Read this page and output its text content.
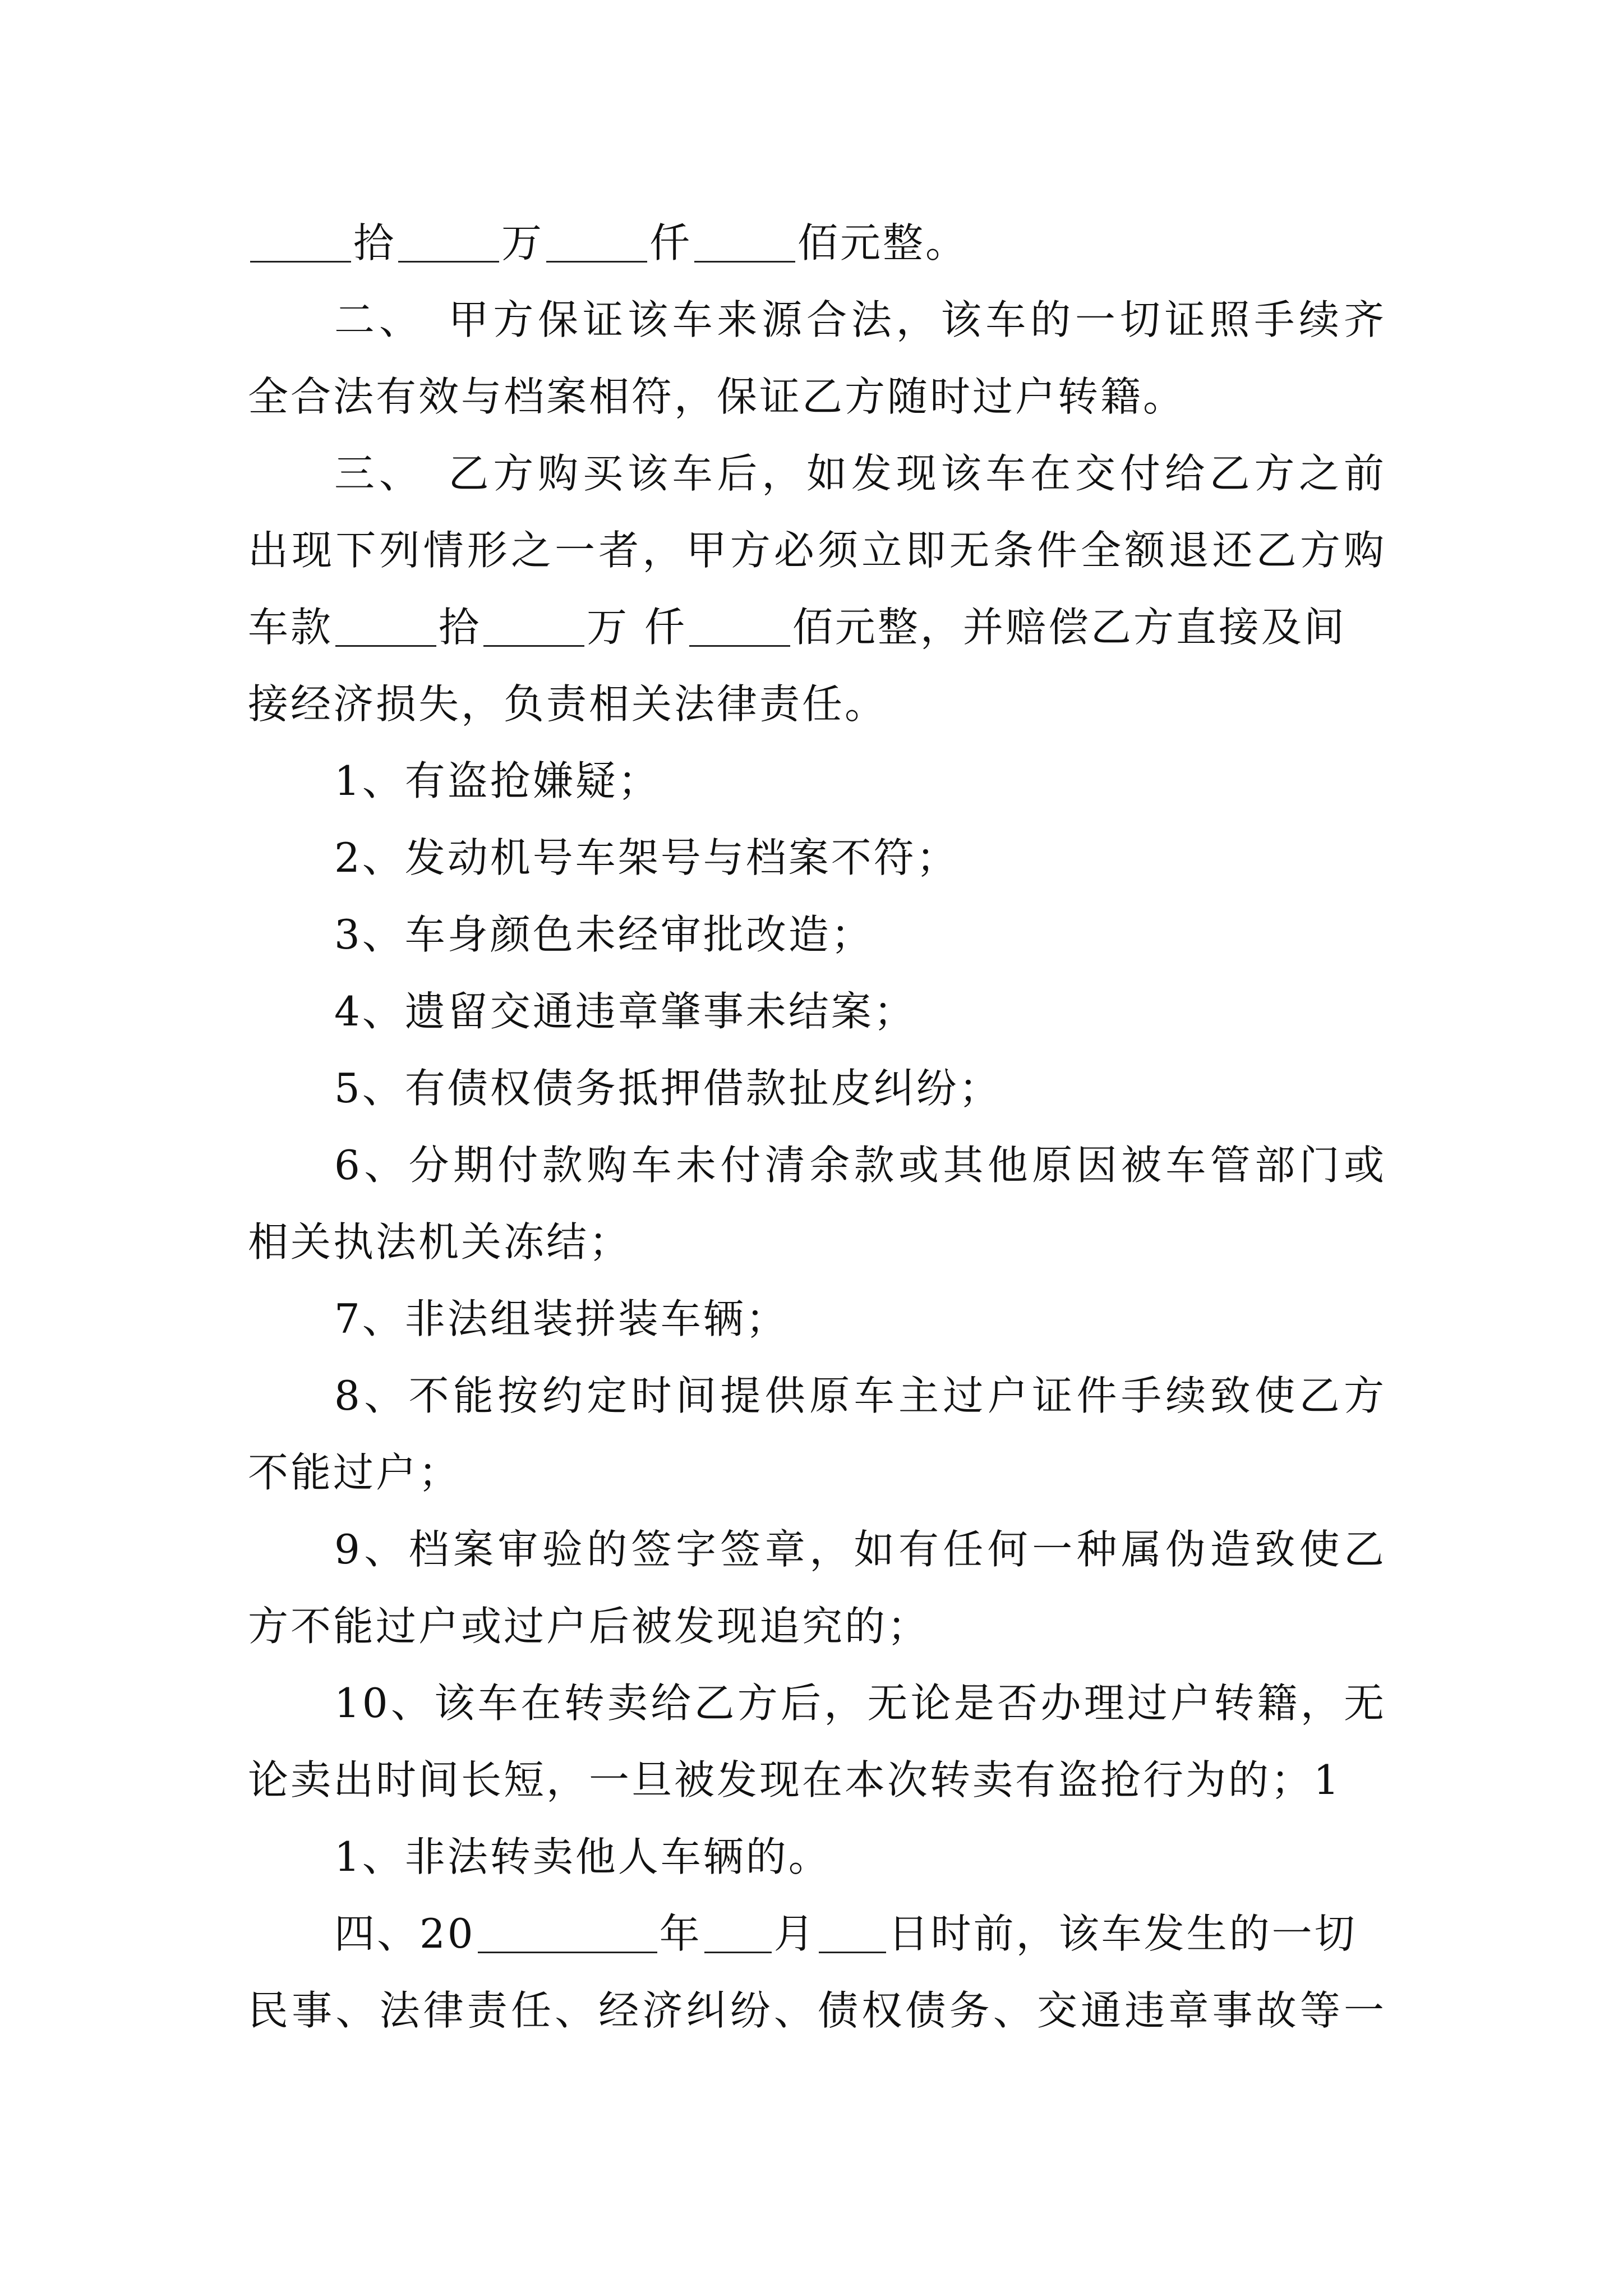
拾	万	仟	佰元整。
二、　甲方保证该车来源合法，该车的一切证照手续齐
全合法有效与档案相符，保证乙方随时过户转籍。
三、　乙方购买该车后，如发现该车在交付给乙方之前
出现下列情形之一者，甲方必须立即无条件全额退还乙方购
车款	拾	万 仟	佰元整，并赔偿乙方直接及间
接经济损失，负责相关法律责任。
1、有盗抢嫌疑；
2、发动机号车架号与档案不符；
3、车身颜色未经审批改造；
4、遗留交通违章肇事未结案；
5、有债权债务抵押借款扯皮纠纷；
6、分期付款购车未付清余款或其他原因被车管部门或
相关执法机关冻结；
7、非法组装拼装车辆；
8、不能按约定时间提供原车主过户证件手续致使乙方
不能过户；
9、档案审验的签字签章，如有任何一种属伪造致使乙
方不能过户或过户后被发现追究的；
10、该车在转卖给乙方后，无论是否办理过户转籍，无
论卖出时间长短，一旦被发现在本次转卖有盗抢行为的；1
1、非法转卖他人车辆的。
四、20	年 月 日时前，该车发生的一切
民事、法律责任、经济纠纷、债权债务、交通违章事故等一
